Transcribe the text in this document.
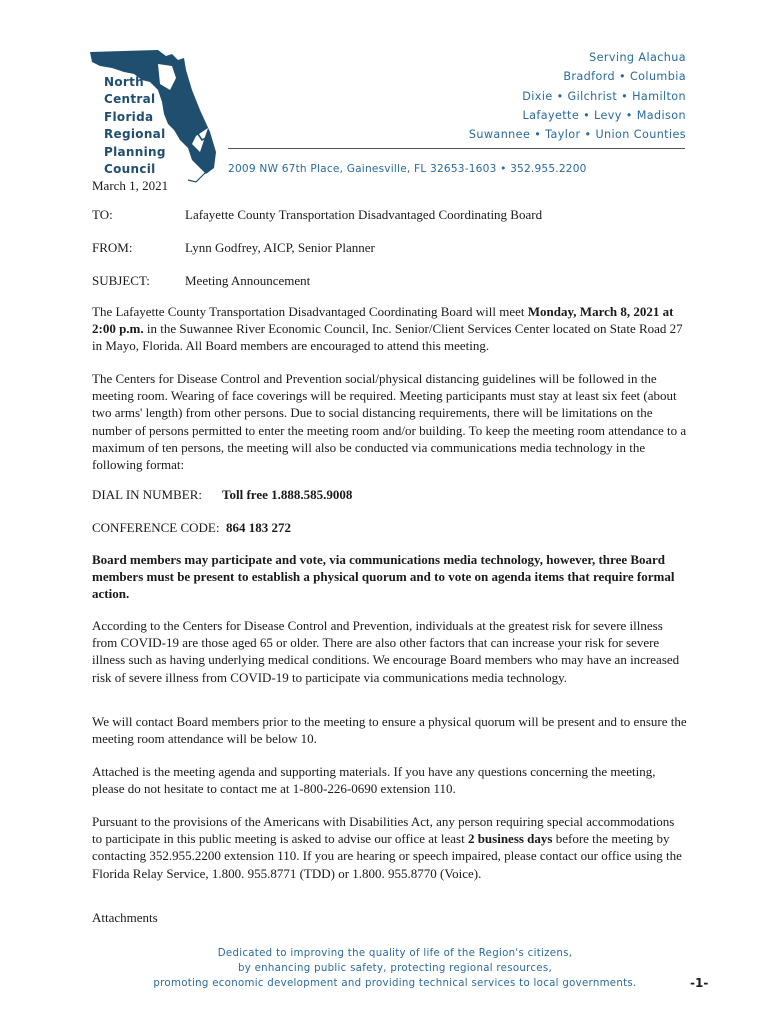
North
Central
Florida
Regional
Planning
Council
Serving Alachua
Bradford • Columbia
Dixie • Gilchrist • Hamilton
Lafayette • Levy • Madison
Suwannee • Taylor • Union Counties
2009 NW 67th Place, Gainesville, FL 32653-1603 • 352.955.2200
March 1, 2021
TO:	Lafayette County Transportation Disadvantaged Coordinating Board
FROM:	Lynn Godfrey, AICP, Senior Planner
SUBJECT:	Meeting Announcement
The Lafayette County Transportation Disadvantaged Coordinating Board will meet Monday, March 8, 2021 at 2:00 p.m. in the Suwannee River Economic Council, Inc. Senior/Client Services Center located on State Road 27 in Mayo, Florida. All Board members are encouraged to attend this meeting.
The Centers for Disease Control and Prevention social/physical distancing guidelines will be followed in the meeting room. Wearing of face coverings will be required. Meeting participants must stay at least six feet (about two arms' length) from other persons. Due to social distancing requirements, there will be limitations on the number of persons permitted to enter the meeting room and/or building. To keep the meeting room attendance to a maximum of ten persons, the meeting will also be conducted via communications media technology in the following format:
DIAL IN NUMBER: Toll free 1.888.585.9008
CONFERENCE CODE: 864 183 272
Board members may participate and vote, via communications media technology, however, three Board members must be present to establish a physical quorum and to vote on agenda items that require formal action.
According to the Centers for Disease Control and Prevention, individuals at the greatest risk for severe illness from COVID-19 are those aged 65 or older. There are also other factors that can increase your risk for severe illness such as having underlying medical conditions. We encourage Board members who may have an increased risk of severe illness from COVID-19 to participate via communications media technology.
We will contact Board members prior to the meeting to ensure a physical quorum will be present and to ensure the meeting room attendance will be below 10.
Attached is the meeting agenda and supporting materials. If you have any questions concerning the meeting, please do not hesitate to contact me at 1-800-226-0690 extension 110.
Pursuant to the provisions of the Americans with Disabilities Act, any person requiring special accommodations to participate in this public meeting is asked to advise our office at least 2 business days before the meeting by contacting 352.955.2200 extension 110. If you are hearing or speech impaired, please contact our office using the Florida Relay Service, 1.800. 955.8771 (TDD) or 1.800. 955.8770 (Voice).
Attachments
Dedicated to improving the quality of life of the Region's citizens,
by enhancing public safety, protecting regional resources,
promoting economic development and providing technical services to local governments.	-1-
